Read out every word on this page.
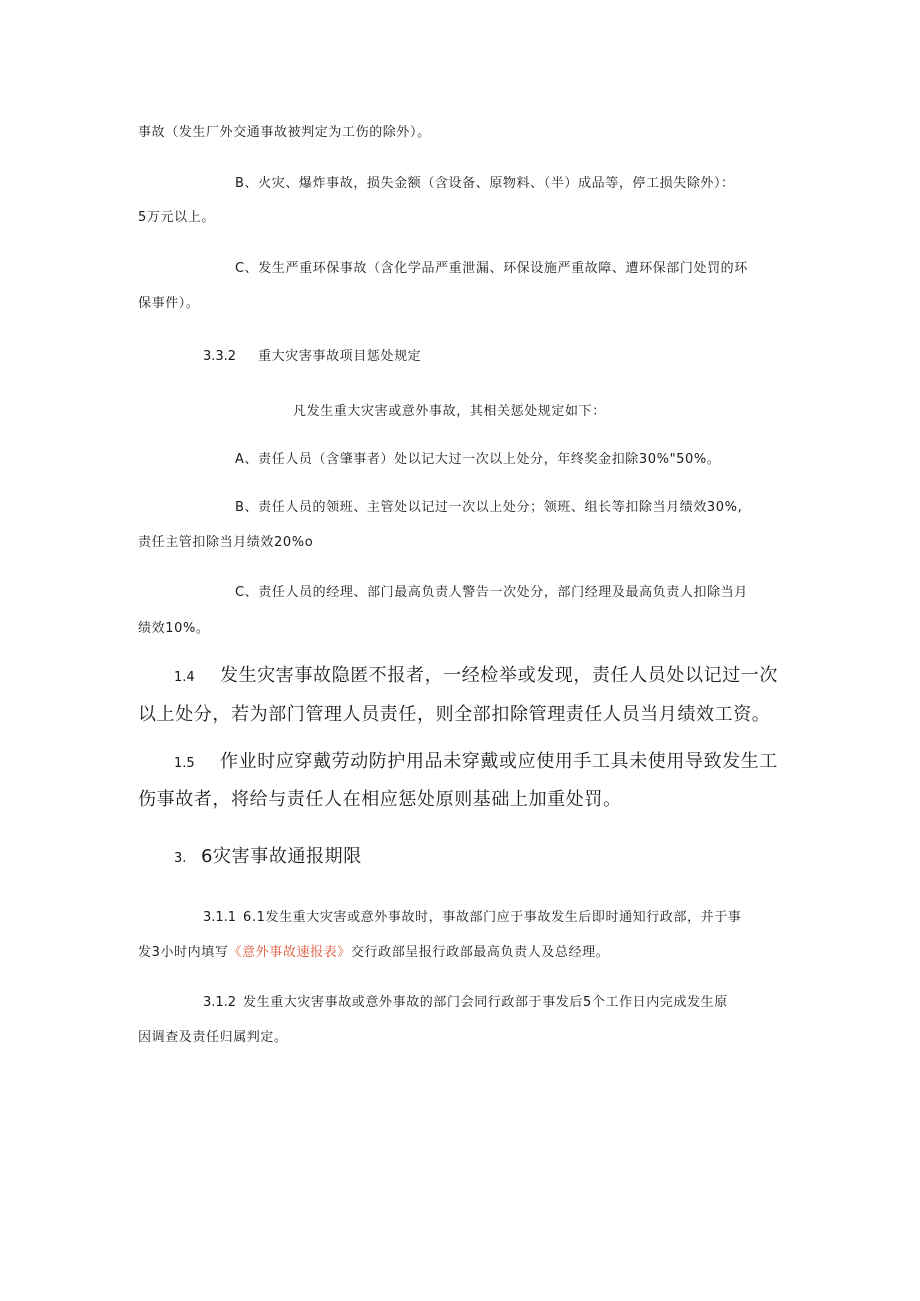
事故（发生厂外交通事故被判定为工伤的除外）。
B、火灾、爆炸事故，损失金额（含设备、原物料、（半）成品等，停工损失除外）：
5万元以上。
C、发生严重环保事故（含化学品严重泄漏、环保设施严重故障、遭环保部门处罚的环
保事件）。
3.3.2 重大灾害事故项目惩处规定
凡发生重大灾害或意外事故，其相关惩处规定如下：
A、责任人员（含肇事者）处以记大过一次以上处分，年终奖金扣除30%"50%。
B、责任人员的领班、主管处以记过一次以上处分；领班、组长等扣除当月绩效30%,
责任主管扣除当月绩效20%o
C、责任人员的经理、部门最高负责人警告一次处分，部门经理及最高负责人扣除当月
绩效10%。
1.4 发生灾害事故隐匿不报者，一经检举或发现，责任人员处以记过一次
以上处分，若为部门管理人员责任，则全部扣除管理责任人员当月绩效工资。
1.5 作业时应穿戴劳动防护用品未穿戴或应使用手工具未使用导致发生工
伤事故者，将给与责任人在相应惩处原则基础上加重处罚。
3. 6灾害事故通报期限
3.1.1 6.1发生重大灾害或意外事故时，事故部门应于事故发生后即时通知行政部，并于事
发3小时内填写《意外事故速报表》交行政部呈报行政部最高负责人及总经理。
3.1.2 发生重大灾害事故或意外事故的部门会同行政部于事发后5个工作日内完成发生原
因调查及责任归属判定。
